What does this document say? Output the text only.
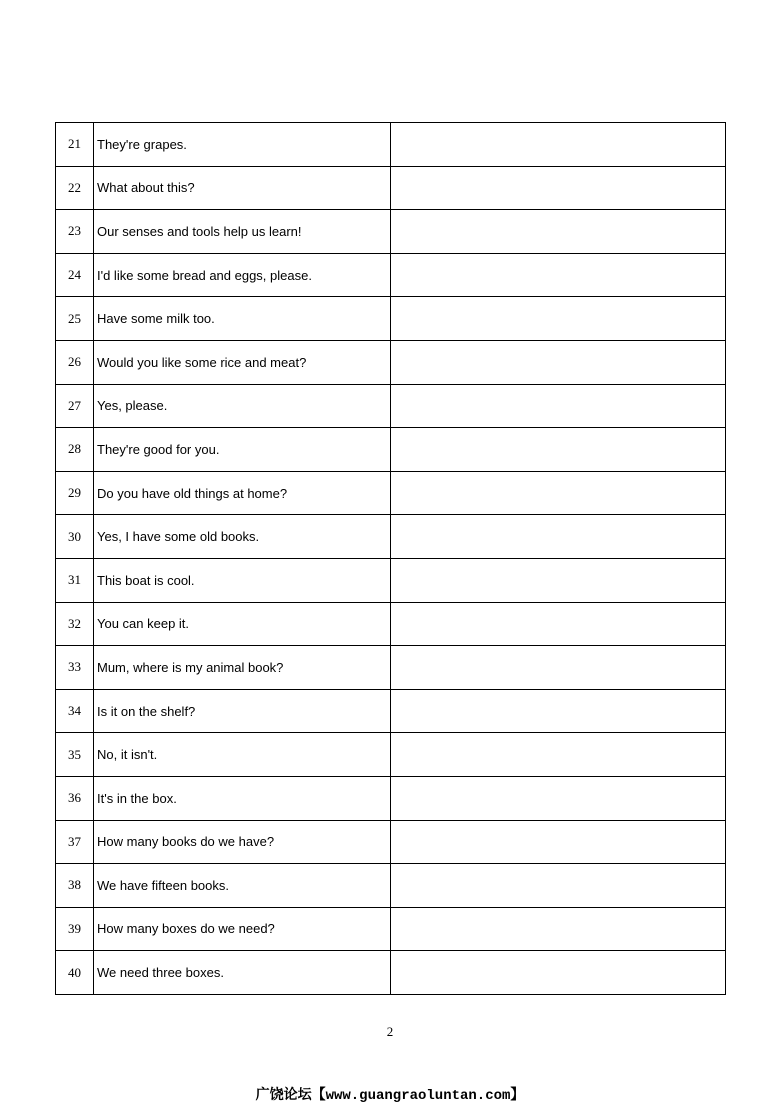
21	They're grapes.	
22	What about this?	
23	Our senses and tools help us learn!	
24	I'd like some bread and eggs, please.	
25	Have some milk too.	
26	Would you like some rice and meat?	
27	Yes, please.	
28	They're good for you.	
29	Do you have old things at home?	
30	Yes, I have some old books.	
31	This boat is cool.	
32	You can keep it.	
33	Mum, where is my animal book?	
34	Is it on the shelf?	
35	No, it isn't.	
36	It's in the box.	
37	How many books do we have?	
38	We have fifteen books.	
39	How many boxes do we need?	
40	We need three boxes.	
2
广饶论坛【www.guangraoluntan.com】
